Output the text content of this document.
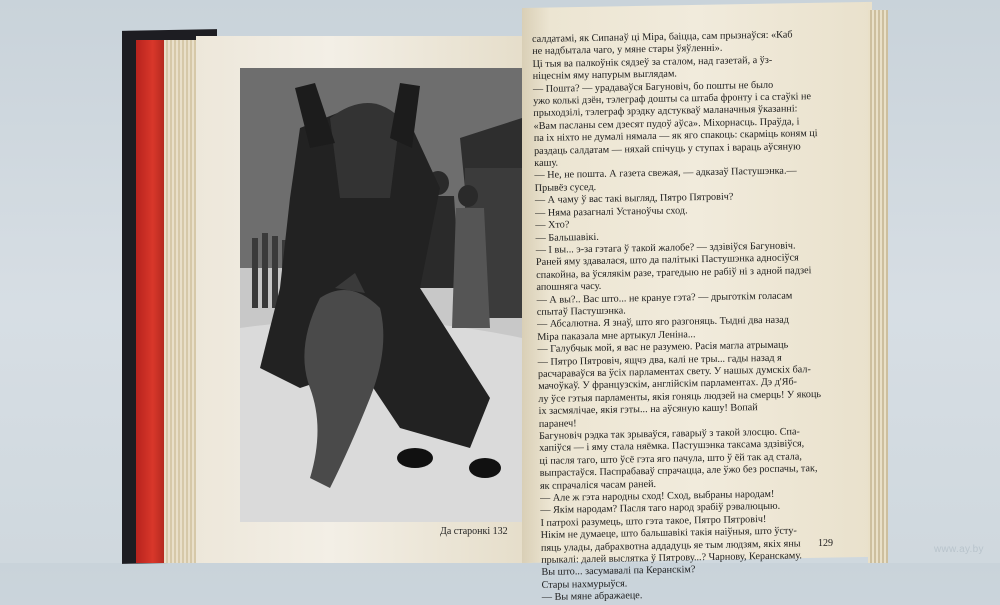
Да старонкі 132
салдатамі, як Сипанаў ці Міра, баіцца, сам прызнаўся: «Каб
не надбытала чаго, у мяне стары ўяўленні».
Ці тыя ва палкоўнік сядзеў за сталом, над газетай, а ўз-
ніцеснім яму напурым выглядам.
— Пошта? — урадаваўся Багуновіч, бо пошты не было
ужо колькі дзён, тэлеграф дошты са штаба фронту і са стаўкі не
прыходзілі, тэлеграф зрэдку адстукваў маланачныя ўказанні:
«Вам пасланы сем дзесят пудоў аўса». Міхорнасць. Праўда, і
па іх ніхто не думалі нямала — як яго спакоць: скарміць коням ці
раздаць салдатам — няхай спічуць у ступах і вараць аўсяную
кашу.
— Не, не пошта. А газета свежая, — адказаў Пастушэнка.—
Прывёз сусед.
— А чаму ў вас такі выгляд, Пятро Пятровіч?
— Няма разагналі Устаноўчы сход.
— Хто?
— Бальшавікі.
— І вы... э-за гэтага ў такой жалобе? — здзівіўся Багуновіч.
Раней яму здавалася, што да палітыкі Пастушэнка адносіўся
спакойна, ва ўсялякім разе, трагедыю не рабіў ні з адной падзеі
апошняга часу.
— А вы?.. Вас што... не крануе гэта? — дрыготкім голасам
спытаў Пастушэнка.
— Абсалютна. Я знаў, што яго разгоняць. Тыдні два назад
Міра паказала мне артыкул Леніна...
— Галубчык мой, я вас не разумею. Расія магла атрымаць
— Пятро Пятровіч, ящчэ два, калі не тры... гады назад я
расчараваўся ва ўсіх парламентах свету. У нашых думскіх бал-
мачоўкаў. У французскім, англійскім парламентах. Дэ д'Яб-
лу ўсе гэтыя парламенты, якія гоняць людзей на смерць! У якоць
іх засмялічае, якія гэты... на аўсяную кашу! Вопай
паранеч!
Багуновіч рэдка так зрываўся, гаварыў з такой злосцю. Спа-
хапіўся — і яму стала няёмка. Пастушэнка таксама здзівіўся,
ці пасля таго, што ўсё гэта яго пачула, што ў ёй так ад стала,
выпрастаўся. Паспрабаваў спрачацца, але ўжо без роспачы, так,
як спрачаліся часам раней.
— Але ж гэта народны сход! Сход, выбраны народам!
— Якім народам? Пасля таго народ зрабіў рэвалюцыю.
І патрохі разумець, што гэта такое, Пятро Пятровіч!
Нікім не думаеце, што бальшавікі такія наіўныя, што ўсту-
пяць улады, дабрахвотна аддадуць яе тым людзям, якіх яны
прыкалі: далей выслятка ў Пятрову...? Чарнову, Керанскаму.
Вы што... засумавалі па Керанскім?
Стары нахмурыўся.
— Вы мяне абражаеце.
129
www.ay.by
